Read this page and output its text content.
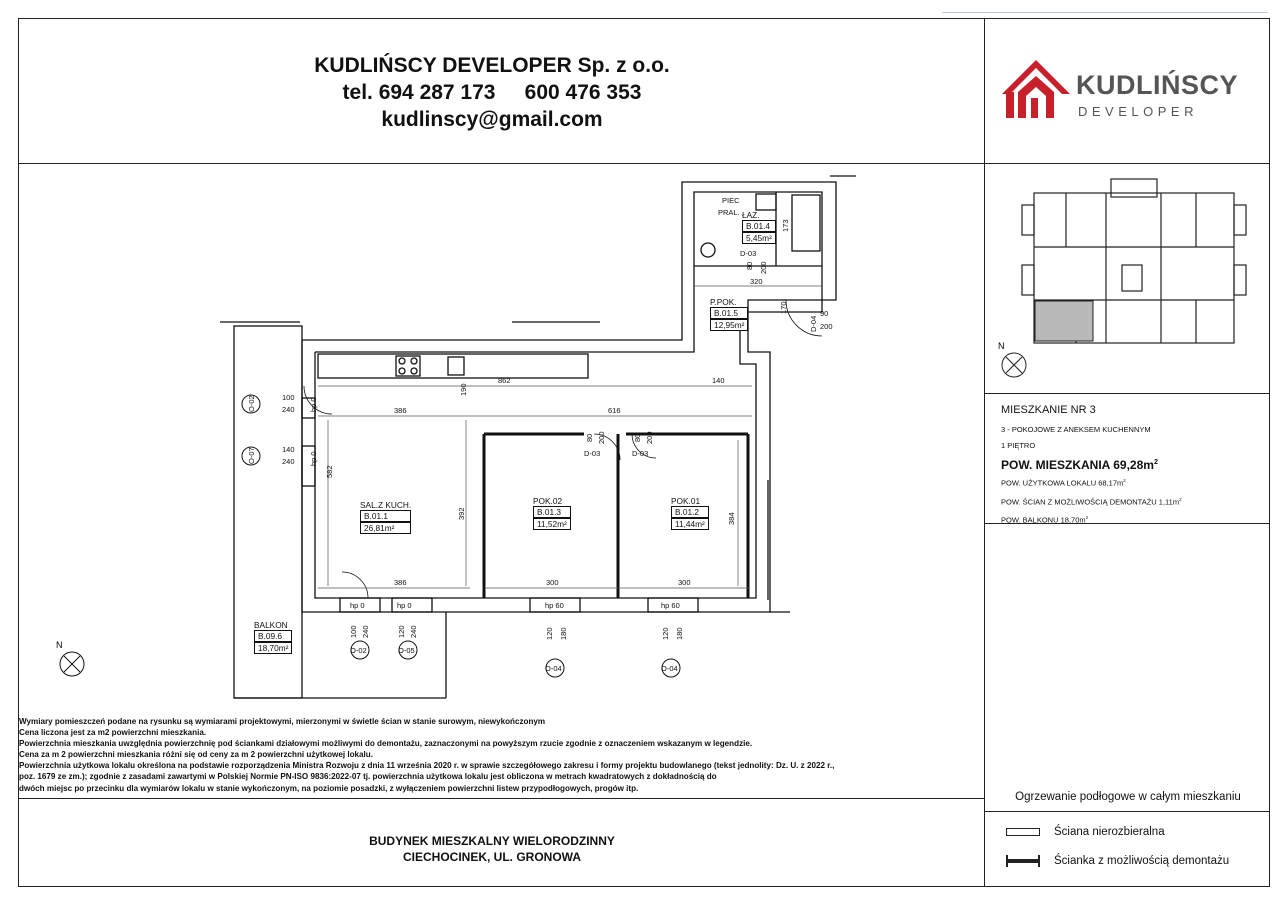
KUDLIŃSCY DEVELOPER Sp. z o.o.
tel. 694 287 173 600 476 353
kudlinscy@gmail.com
KUDLIŃSCY
DEVELOPER
N
MIESZKANIE NR 3
3 - POKOJOWE Z ANEKSEM KUCHENNYM
1 PIĘTRO
POW. MIESZKANIA $69,28m^2$
POW. UŻYTKOWA LOKALU $68,17m^2$
POW. ŚCIAN Z MOŻLIWOŚCIĄ DEMONTAŻU $1,11m^2$
POW. BALKONU $18,70m^2$
Ogrzewanie podłogowe w całym mieszkaniu
Ściana nierozbieralna
Ścianka z możliwością demontażu
Wymiary pomieszczeń podane na rysunku są wymiarami projektowymi, mierzonymi w świetle ścian w stanie surowym, niewykończonym
Cena liczona jest za m2 powierzchni mieszkania.
Powierzchnia mieszkania uwzględnia powierzchnię pod ściankami działowymi możliwymi do demontażu, zaznaczonymi na powyższym rzucie zgodnie z oznaczeniem wskazanym w legendzie.
Cena za m 2 powierzchni mieszkania różni się od ceny za m 2 powierzchni użytkowej lokalu.
Powierzchnia użytkowa lokalu określona na podstawie rozporządzenia Ministra Rozwoju z dnia 11 września 2020 r. w sprawie szczegółowego zakresu i formy projektu budowlanego (tekst jednolity: Dz. U. z 2022 r.,
poz. 1679 ze zm.); zgodnie z zasadami zawartymi w Polskiej Normie PN-ISO 9836:2022-07 tj. powierzchnia użytkowa lokalu jest obliczona w metrach kwadratowych z dokładnością do
dwóch miejsc po przecinku dla wymiarów lokalu w stanie wykończonym, na poziomie posadzki, z wyłączeniem powierzchni listew przypodłogowych, progów itp.
BUDYNEK MIESZKALNY WIELORODZINNY
CIECHOCINEK, UL. GRONOWA
862	140
386	616
386	300	300
582
392	384
190
320
170
173
PIEC
PRAL.
D-03	D-03
D-03
80 200	80 200
80 200
D-04
90
200
O-02	100
240 hp 0
O-07	140
240 hp 0
O-02
100 240
hp 0
O-05
120 240
hp 0
O-04
120 180
hp 60
O-04
120 180
hp 60
N
SAL.Z KUCH.
B.01.1
26,81m²
POK.02
B.01.3
11,52m²
POK.01
B.01.2
11,44m²
P.POK.
B.01.5
12,95m²
ŁAZ.
B.01.4
5,45m²
BALKON
B.09.6
18,70m²
